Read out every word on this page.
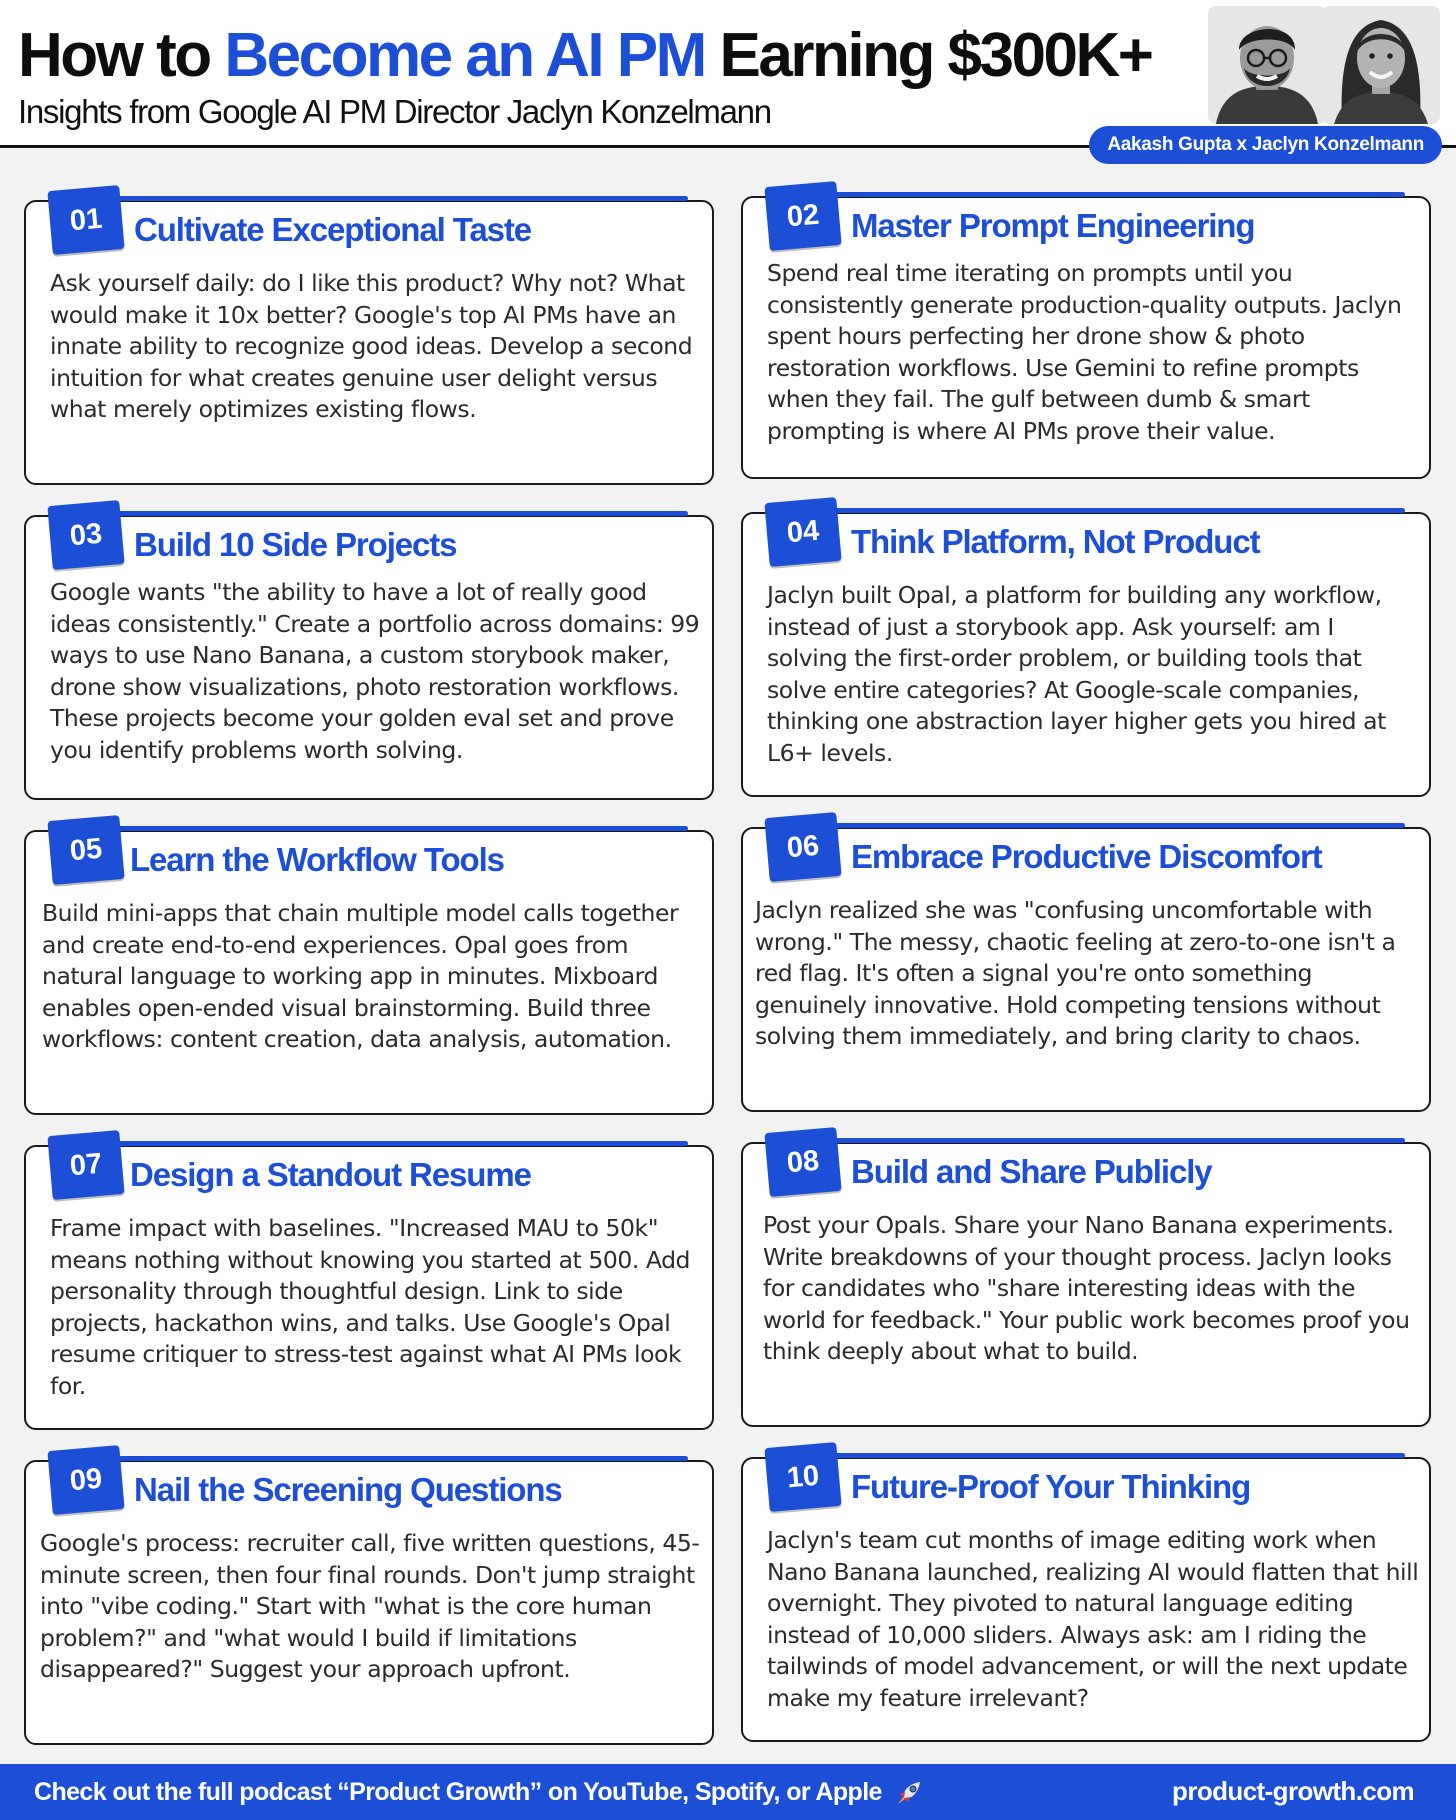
How to Become an AI PM Earning $300K+

Insights from Google AI PM Director Jaclyn Konzelmann

Aakash Gupta x Jaclyn Konzelmann
01 Cultivate Exceptional Taste

Ask yourself daily: do I like this product? Why not? What would make it 10x better? Google's top AI PMs have an innate ability to recognize good ideas. Develop a second intuition for what creates genuine user delight versus what merely optimizes existing flows.

02 Master Prompt Engineering

Spend real time iterating on prompts until you consistently generate production-quality outputs. Jaclyn spent hours perfecting her drone show & photo restoration workflows. Use Gemini to refine prompts when they fail. The gulf between dumb & smart prompting is where AI PMs prove their value.

03 Build 10 Side Projects

Google wants "the ability to have a lot of really good ideas consistently." Create a portfolio across domains: 99 ways to use Nano Banana, a custom storybook maker, drone show visualizations, photo restoration workflows. These projects become your golden eval set and prove you identify problems worth solving.

04 Think Platform, Not Product

Jaclyn built Opal, a platform for building any workflow, instead of just a storybook app. Ask yourself: am I solving the first-order problem, or building tools that solve entire categories? At Google-scale companies, thinking one abstraction layer higher gets you hired at L6+ levels.

05 Learn the Workflow Tools

Build mini-apps that chain multiple model calls together and create end-to-end experiences. Opal goes from natural language to working app in minutes. Mixboard enables open-ended visual brainstorming. Build three workflows: content creation, data analysis, automation.

06 Embrace Productive Discomfort

Jaclyn realized she was "confusing uncomfortable with wrong." The messy, chaotic feeling at zero-to-one isn't a red flag. It's often a signal you're onto something genuinely innovative. Hold competing tensions without solving them immediately, and bring clarity to chaos.

07 Design a Standout Resume

Frame impact with baselines. "Increased MAU to 50k" means nothing without knowing you started at 500. Add personality through thoughtful design. Link to side projects, hackathon wins, and talks. Use Google's Opal resume critiquer to stress-test against what AI PMs look for.

08 Build and Share Publicly

Post your Opals. Share your Nano Banana experiments. Write breakdowns of your thought process. Jaclyn looks for candidates who "share interesting ideas with the world for feedback." Your public work becomes proof you think deeply about what to build.

09 Nail the Screening Questions

Google's process: recruiter call, five written questions, 45-minute screen, then four final rounds. Don't jump straight into "vibe coding." Start with "what is the core human problem?" and "what would I build if limitations disappeared?" Suggest your approach upfront.

10 Future-Proof Your Thinking

Jaclyn's team cut months of image editing work when Nano Banana launched, realizing AI would flatten that hill overnight. They pivoted to natural language editing instead of 10,000 sliders. Always ask: am I riding the tailwinds of model advancement, or will the next update make my feature irrelevant?

Check out the full podcast “Product Growth” on YouTube, Spotify, or Apple	product-growth.com
